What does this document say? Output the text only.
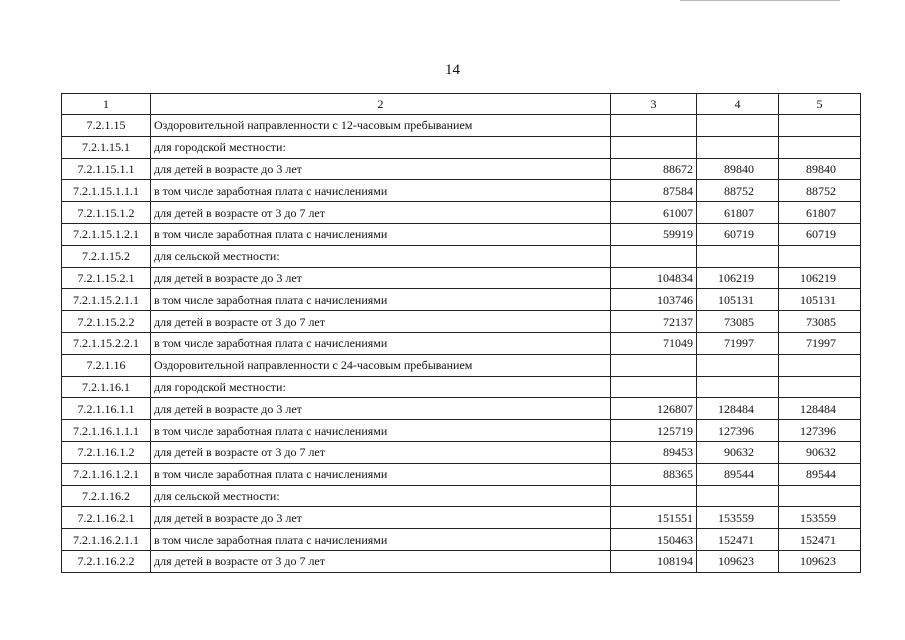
14
1	2	3	4	5
7.2.1.15	Оздоровительной направленности с 12-часовым пребыванием			
7.2.1.15.1	для городской местности:			
7.2.1.15.1.1	для детей в возрасте до 3 лет	88672	89840	89840
7.2.1.15.1.1.1	в том числе заработная плата с начислениями	87584	88752	88752
7.2.1.15.1.2	для детей в возрасте от 3 до 7 лет	61007	61807	61807
7.2.1.15.1.2.1	в том числе заработная плата с начислениями	59919	60719	60719
7.2.1.15.2	для сельской местности:			
7.2.1.15.2.1	для детей в возрасте до 3 лет	104834	106219	106219
7.2.1.15.2.1.1	в том числе заработная плата с начислениями	103746	105131	105131
7.2.1.15.2.2	для детей в возрасте от 3 до 7 лет	72137	73085	73085
7.2.1.15.2.2.1	в том числе заработная плата с начислениями	71049	71997	71997
7.2.1.16	Оздоровительной направленности с 24-часовым пребыванием			
7.2.1.16.1	для городской местности:			
7.2.1.16.1.1	для детей в возрасте до 3 лет	126807	128484	128484
7.2.1.16.1.1.1	в том числе заработная плата с начислениями	125719	127396	127396
7.2.1.16.1.2	для детей в возрасте от 3 до 7 лет	89453	90632	90632
7.2.1.16.1.2.1	в том числе заработная плата с начислениями	88365	89544	89544
7.2.1.16.2	для сельской местности:			
7.2.1.16.2.1	для детей в возрасте до 3 лет	151551	153559	153559
7.2.1.16.2.1.1	в том числе заработная плата с начислениями	150463	152471	152471
7.2.1.16.2.2	для детей в возрасте от 3 до 7 лет	108194	109623	109623
